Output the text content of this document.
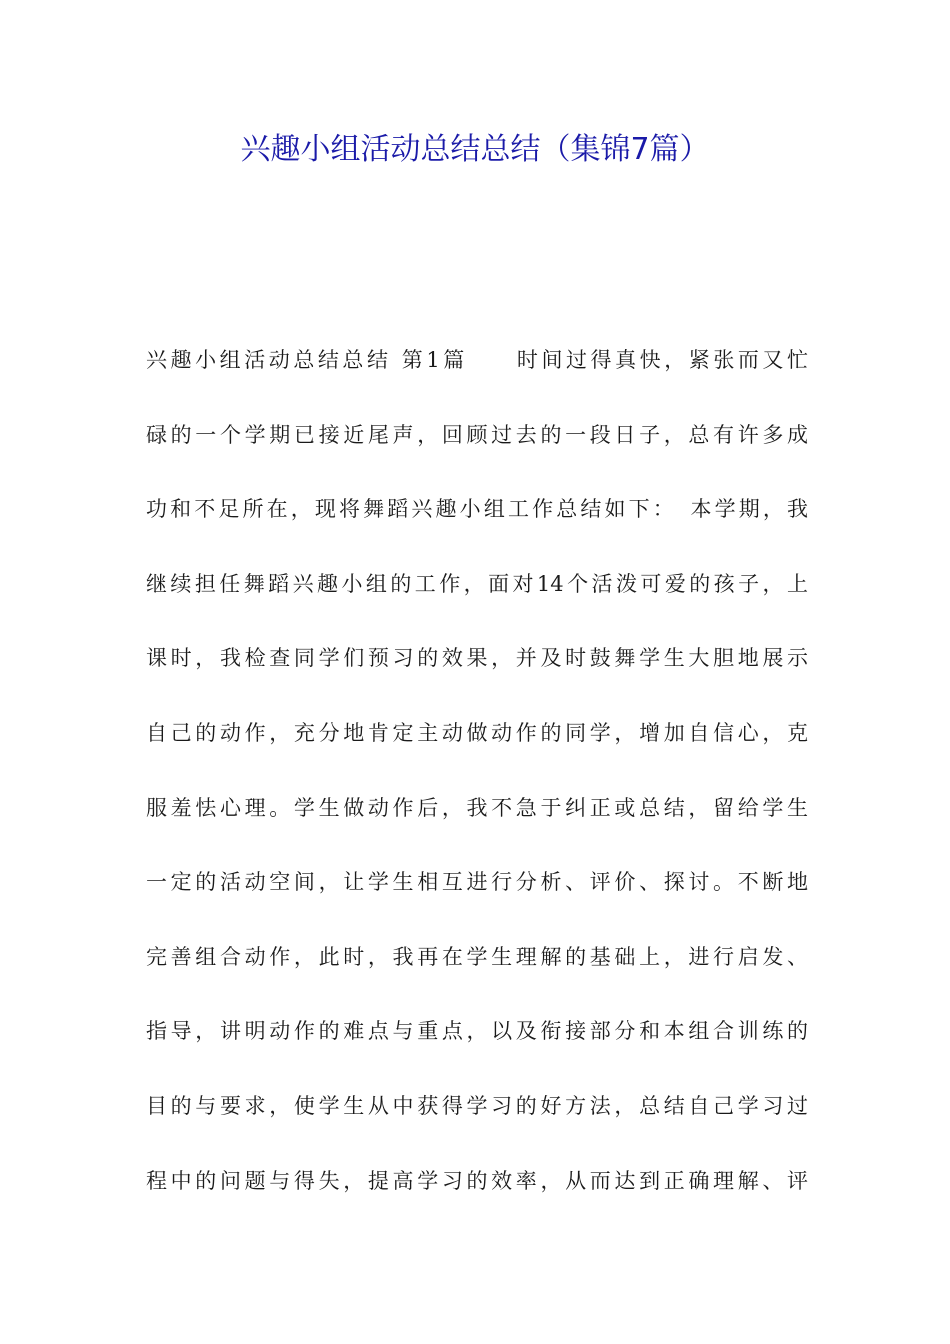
兴趣小组活动总结总结（集锦7篇）
兴趣小组活动总结总结 第1篇　　时间过得真快，紧张而又忙
碌的一个学期已接近尾声，回顾过去的一段日子，总有许多成
功和不足所在，现将舞蹈兴趣小组工作总结如下：　本学期，我
继续担任舞蹈兴趣小组的工作，面对14个活泼可爱的孩子，上
课时，我检查同学们预习的效果，并及时鼓舞学生大胆地展示
自己的动作，充分地肯定主动做动作的同学，增加自信心，克
服羞怯心理。学生做动作后，我不急于纠正或总结，留给学生
一定的活动空间，让学生相互进行分析、评价、探讨。不断地
完善组合动作，此时，我再在学生理解的基础上，进行启发、
指导，讲明动作的难点与重点，以及衔接部分和本组合训练的
目的与要求，使学生从中获得学习的好方法，总结自己学习过
程中的问题与得失，提高学习的效率，从而达到正确理解、评
